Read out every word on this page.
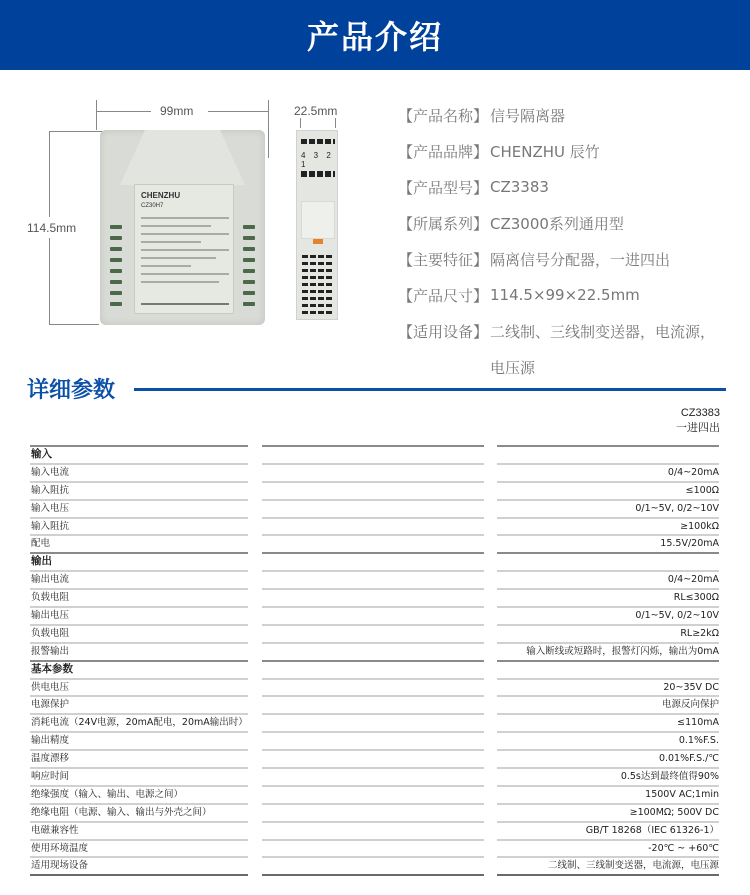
产品介绍
99mm
114.5mm
22.5mm
CHENZHU
CZ30H7
4 3 2 1
【产品名称】 信号隔离器
【产品品牌】 CHENZHU 辰竹
【产品型号】 CZ3383
【所属系列】 CZ3000系列通用型
【主要特征】 隔离信号分配器，一进四出
【产品尺寸】 114.5×99×22.5mm
【适用设备】 二线制、三线制变送器，电流源，
电压源
详细参数
CZ3383
一进四出
输入
输入电流	0/4~20mA
输入阻抗	≤100Ω
输入电压	0/1~5V, 0/2~10V
输入阻抗	≥100kΩ
配电	15.5V/20mA
输出
输出电流	0/4~20mA
负载电阻	RL≤300Ω
输出电压	0/1~5V, 0/2~10V
负载电阻	RL≥2kΩ
报警输出	输入断线或短路时，报警灯闪烁，输出为0mA
基本参数
供电电压	20~35V DC
电源保护	电源反向保护
消耗电流（24V电源，20mA配电，20mA输出时）	≤110mA
输出精度	0.1%F.S.
温度漂移	0.01%F.S./℃
响应时间	0.5s达到最终值得90%
绝缘强度（输入、输出、电源之间）	1500V AC;1min
绝缘电阻（电源、输入、输出与外壳之间）	≥100MΩ; 500V DC
电磁兼容性	GB/T 18268（IEC 61326-1）
使用环境温度	-20℃ ~ +60℃
适用现场设备	二线制、三线制变送器，电流源，电压源
